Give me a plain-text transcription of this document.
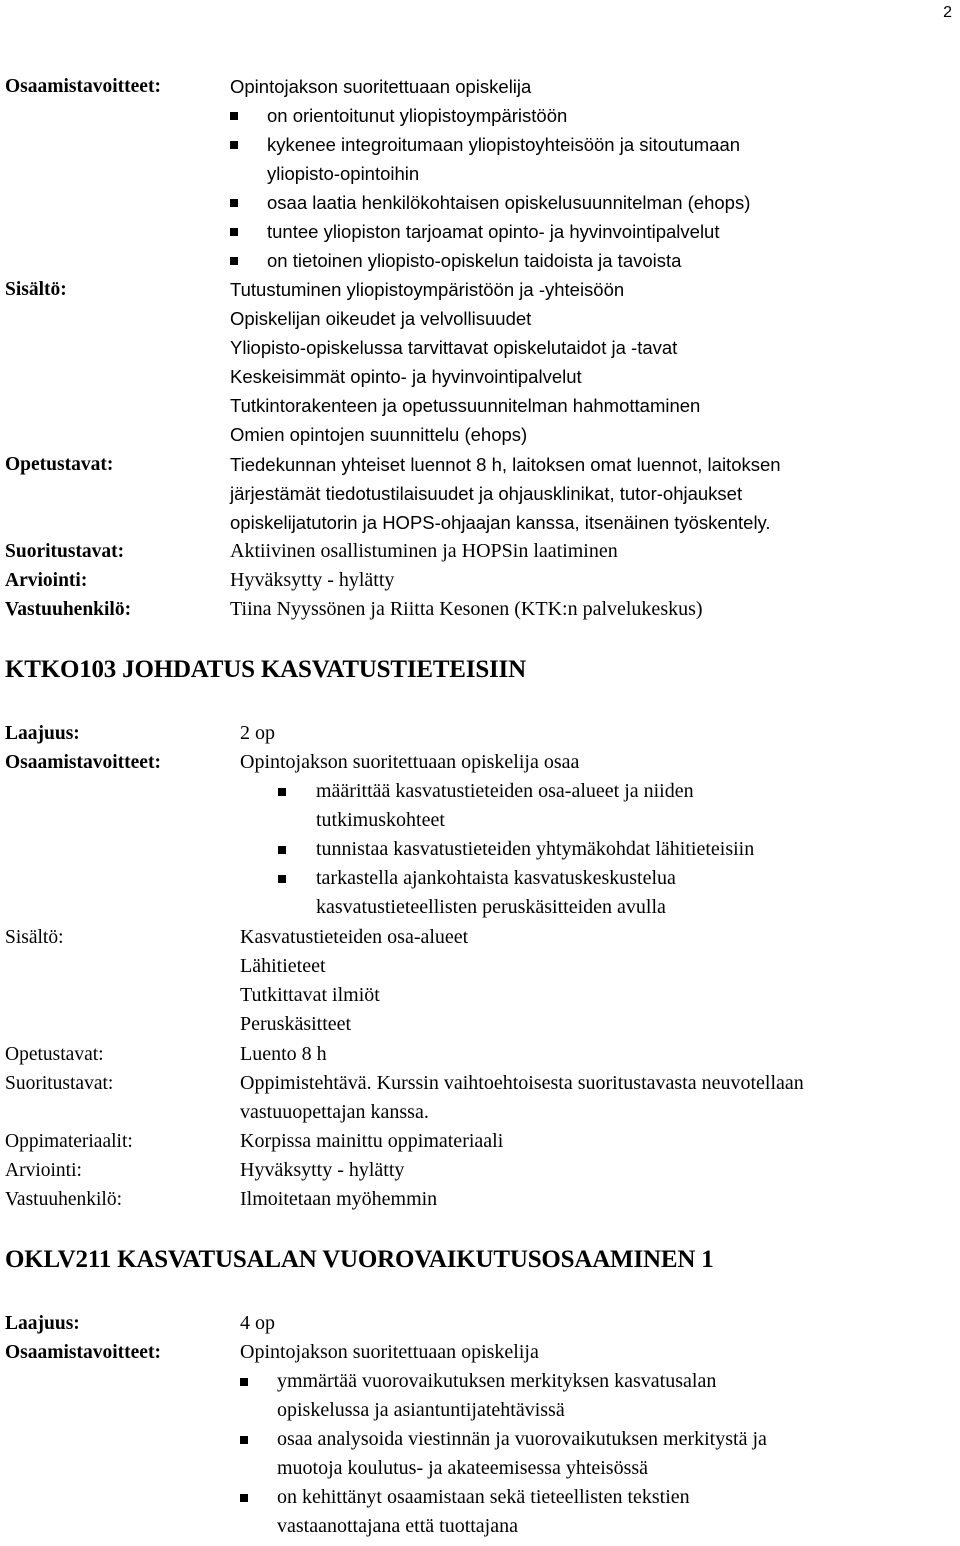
2
Osaamistavoitteet:	Opintojakson suoritettuaan opiskelija
on orientoitunut yliopistoympäristöön
kykenee integroitumaan yliopistoyhteisöön ja sitoutumaan
yliopisto-opintoihin
osaa laatia henkilökohtaisen opiskelusuunnitelman (ehops)
tuntee yliopiston tarjoamat opinto- ja hyvinvointipalvelut
on tietoinen yliopisto-opiskelun taidoista ja tavoista
Sisältö:	Tutustuminen yliopistoympäristöön ja -yhteisöön
Opiskelijan oikeudet ja velvollisuudet
Yliopisto-opiskelussa tarvittavat opiskelutaidot ja -tavat
Keskeisimmät opinto- ja hyvinvointipalvelut
Tutkintorakenteen ja opetussuunnitelman hahmottaminen
Omien opintojen suunnittelu (ehops)
Opetustavat:	Tiedekunnan yhteiset luennot 8 h, laitoksen omat luennot, laitoksen
järjestämät tiedotustilaisuudet ja ohjausklinikat, tutor-ohjaukset
opiskelijatutorin ja HOPS-ohjaajan kanssa, itsenäinen työskentely.
Suoritustavat:	Aktiivinen osallistuminen ja HOPSin laatiminen
Arviointi:	Hyväksytty - hylätty
Vastuuhenkilö:	Tiina Nyyssönen ja Riitta Kesonen (KTK:n palvelukeskus)
KTKO103 JOHDATUS KASVATUSTIETEISIIN
Laajuus:	2 op
Osaamistavoitteet:	Opintojakson suoritettuaan opiskelija osaa
määrittää kasvatustieteiden osa-alueet ja niiden
tutkimuskohteet
tunnistaa kasvatustieteiden yhtymäkohdat lähitieteisiin
tarkastella ajankohtaista kasvatuskeskustelua
kasvatustieteellisten peruskäsitteiden avulla
Sisältö:	Kasvatustieteiden osa-alueet
Lähitieteet
Tutkittavat ilmiöt
Peruskäsitteet
Opetustavat:	Luento 8 h
Suoritustavat:	Oppimistehtävä. Kurssin vaihtoehtoisesta suoritustavasta neuvotellaan
vastuuopettajan kanssa.
Oppimateriaalit:	Korpissa mainittu oppimateriaali
Arviointi:	Hyväksytty - hylätty
Vastuuhenkilö:	Ilmoitetaan myöhemmin
OKLV211 KASVATUSALAN VUOROVAIKUTUSOSAAMINEN 1
Laajuus:	4 op
Osaamistavoitteet:	Opintojakson suoritettuaan opiskelija
ymmärtää vuorovaikutuksen merkityksen kasvatusalan
opiskelussa ja asiantuntijatehtävissä
osaa analysoida viestinnän ja vuorovaikutuksen merkitystä ja
muotoja koulutus- ja akateemisessa yhteisössä
on kehittänyt osaamistaan sekä tieteellisten tekstien
vastaanottajana että tuottajana
